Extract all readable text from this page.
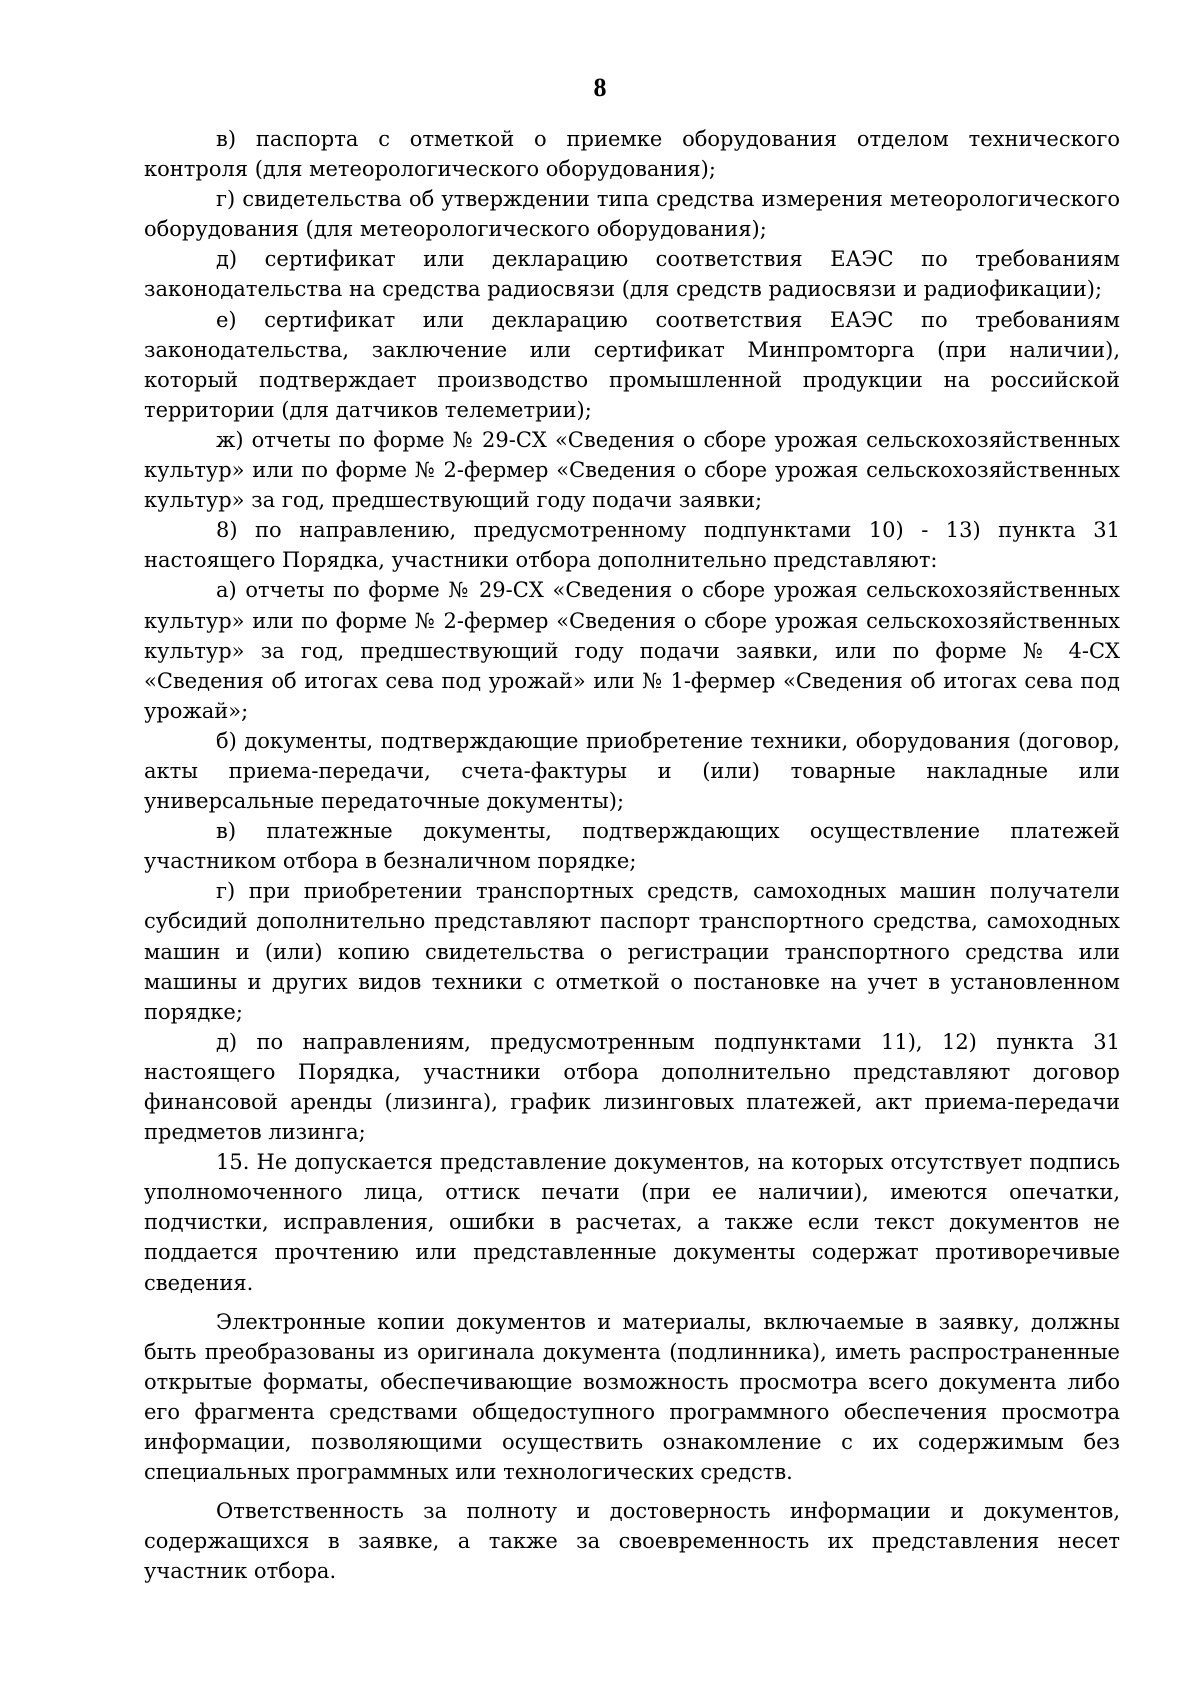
8

в) паспорта с отметкой о приемке оборудования отделом технического контроля (для метеорологического оборудования);

г) свидетельства об утверждении типа средства измерения метеорологического оборудования (для метеорологического оборудования);

д) сертификат или декларацию соответствия ЕАЭС по требованиям законодательства на средства радиосвязи (для средств радиосвязи и радиофикации);

е) сертификат или декларацию соответствия ЕАЭС по требованиям законодательства, заключение или сертификат Минпромторга (при наличии), который подтверждает производство промышленной продукции на российской территории (для датчиков телеметрии);

ж) отчеты по форме № 29-СХ «Сведения о сборе урожая сельскохозяйственных культур» или по форме № 2-фермер «Сведения о сборе урожая сельскохозяйственных культур» за год, предшествующий году подачи заявки;

8) по направлению, предусмотренному подпунктами 10) - 13) пункта 31 настоящего Порядка, участники отбора дополнительно представляют:

а) отчеты по форме № 29-СХ «Сведения о сборе урожая сельскохозяйственных культур» или по форме № 2-фермер «Сведения о сборе урожая сельскохозяйственных культур» за год, предшествующий году подачи заявки, или по форме № 4-СХ «Сведения об итогах сева под урожай» или № 1-фермер «Сведения об итогах сева под урожай»;

б) документы, подтверждающие приобретение техники, оборудования (договор, акты приема-передачи, счета-фактуры и (или) товарные накладные или универсальные передаточные документы);

в) платежные документы, подтверждающих осуществление платежей участником отбора в безналичном порядке;

г) при приобретении транспортных средств, самоходных машин получатели субсидий дополнительно представляют паспорт транспортного средства, самоходных машин и (или) копию свидетельства о регистрации транспортного средства или машины и других видов техники с отметкой о постановке на учет в установленном порядке;

д) по направлениям, предусмотренным подпунктами 11), 12) пункта 31 настоящего Порядка, участники отбора дополнительно представляют договор финансовой аренды (лизинга), график лизинговых платежей, акт приема-передачи предметов лизинга;

15. Не допускается представление документов, на которых отсутствует подпись уполномоченного лица, оттиск печати (при ее наличии), имеются опечатки, подчистки, исправления, ошибки в расчетах, а также если текст документов не поддается прочтению или представленные документы содержат противоречивые сведения.

Электронные копии документов и материалы, включаемые в заявку, должны быть преобразованы из оригинала документа (подлинника), иметь распространенные открытые форматы, обеспечивающие возможность просмотра всего документа либо его фрагмента средствами общедоступного программного обеспечения просмотра информации, позволяющими осуществить ознакомление с их содержимым без специальных программных или технологических средств.

Ответственность за полноту и достоверность информации и документов, содержащихся в заявке, а также за своевременность их представления несет участник отбора.
